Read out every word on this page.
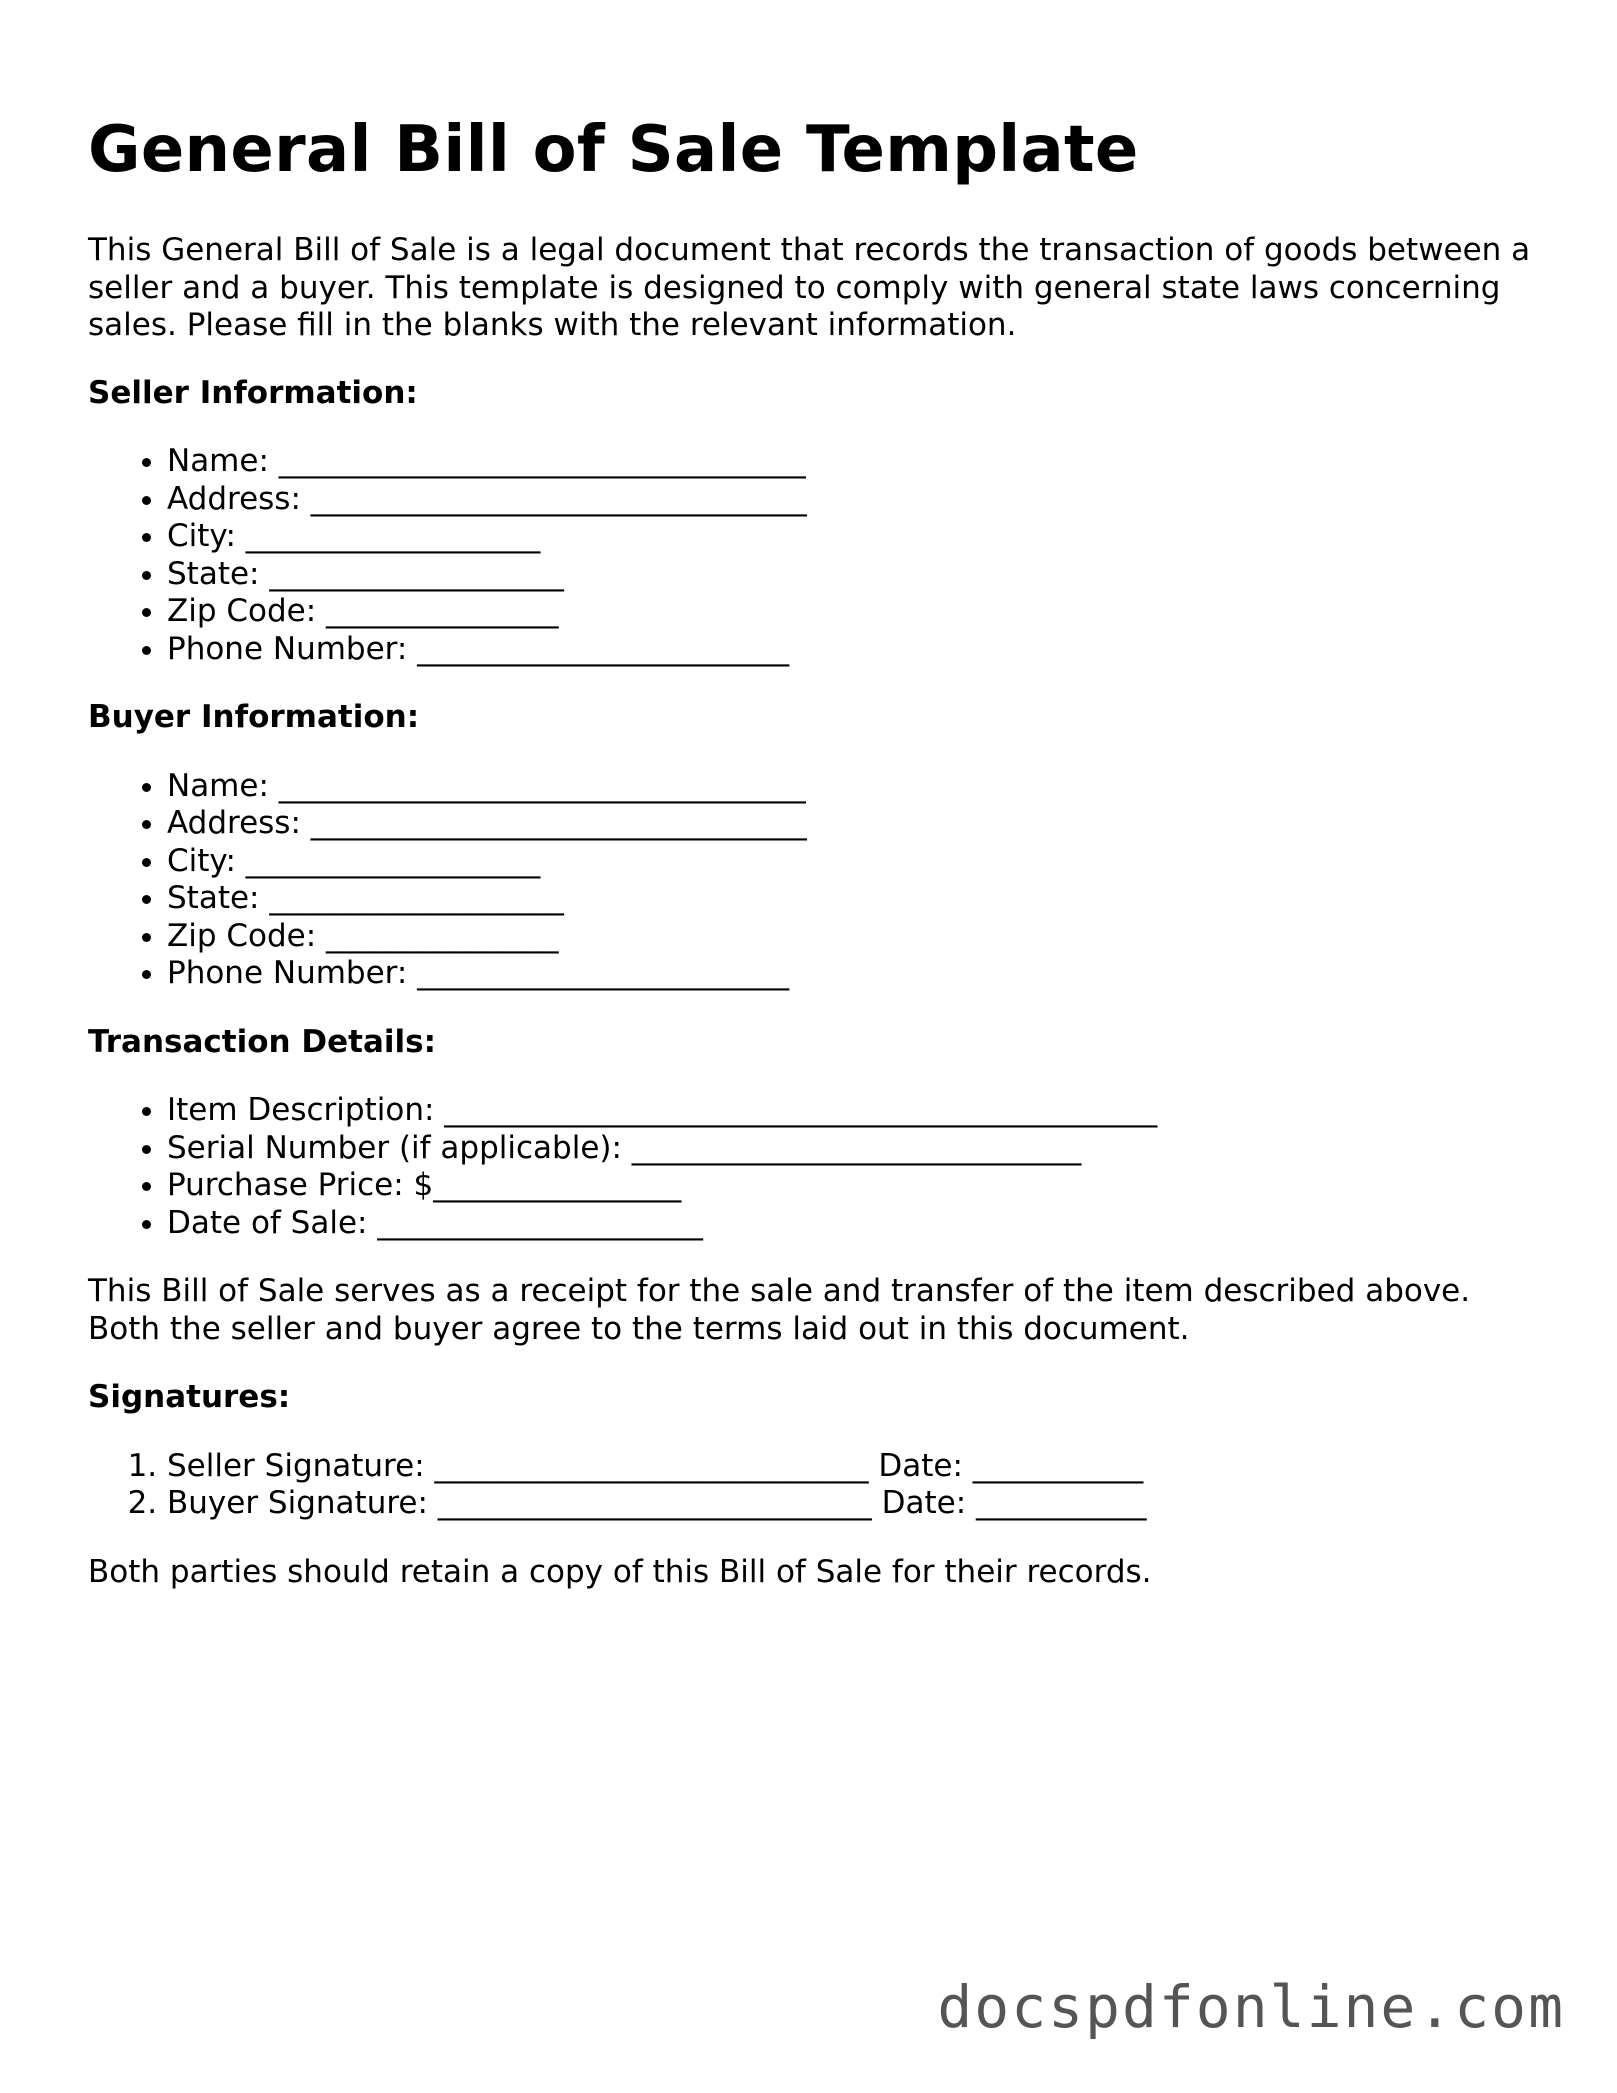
General Bill of Sale Template

This General Bill of Sale is a legal document that records the transaction of goods between a seller and a buyer. This template is designed to comply with general state laws concerning sales. Please fill in the blanks with the relevant information.

Seller Information:

• Name: __________________________________
• Address: ________________________________
• City: ___________________
• State: ___________________
• Zip Code: _______________
• Phone Number: ________________________

Buyer Information:

• Name: __________________________________
• Address: ________________________________
• City: ___________________
• State: ___________________
• Zip Code: _______________
• Phone Number: ________________________

Transaction Details:

• Item Description: ______________________________________________
• Serial Number (if applicable): _____________________________
• Purchase Price: $________________
• Date of Sale: _____________________

This Bill of Sale serves as a receipt for the sale and transfer of the item described above. Both the seller and buyer agree to the terms laid out in this document.

Signatures:

1. Seller Signature: ____________________________ Date: ___________
2. Buyer Signature: ____________________________ Date: ___________

Both parties should retain a copy of this Bill of Sale for their records.

docspdfonline.com
